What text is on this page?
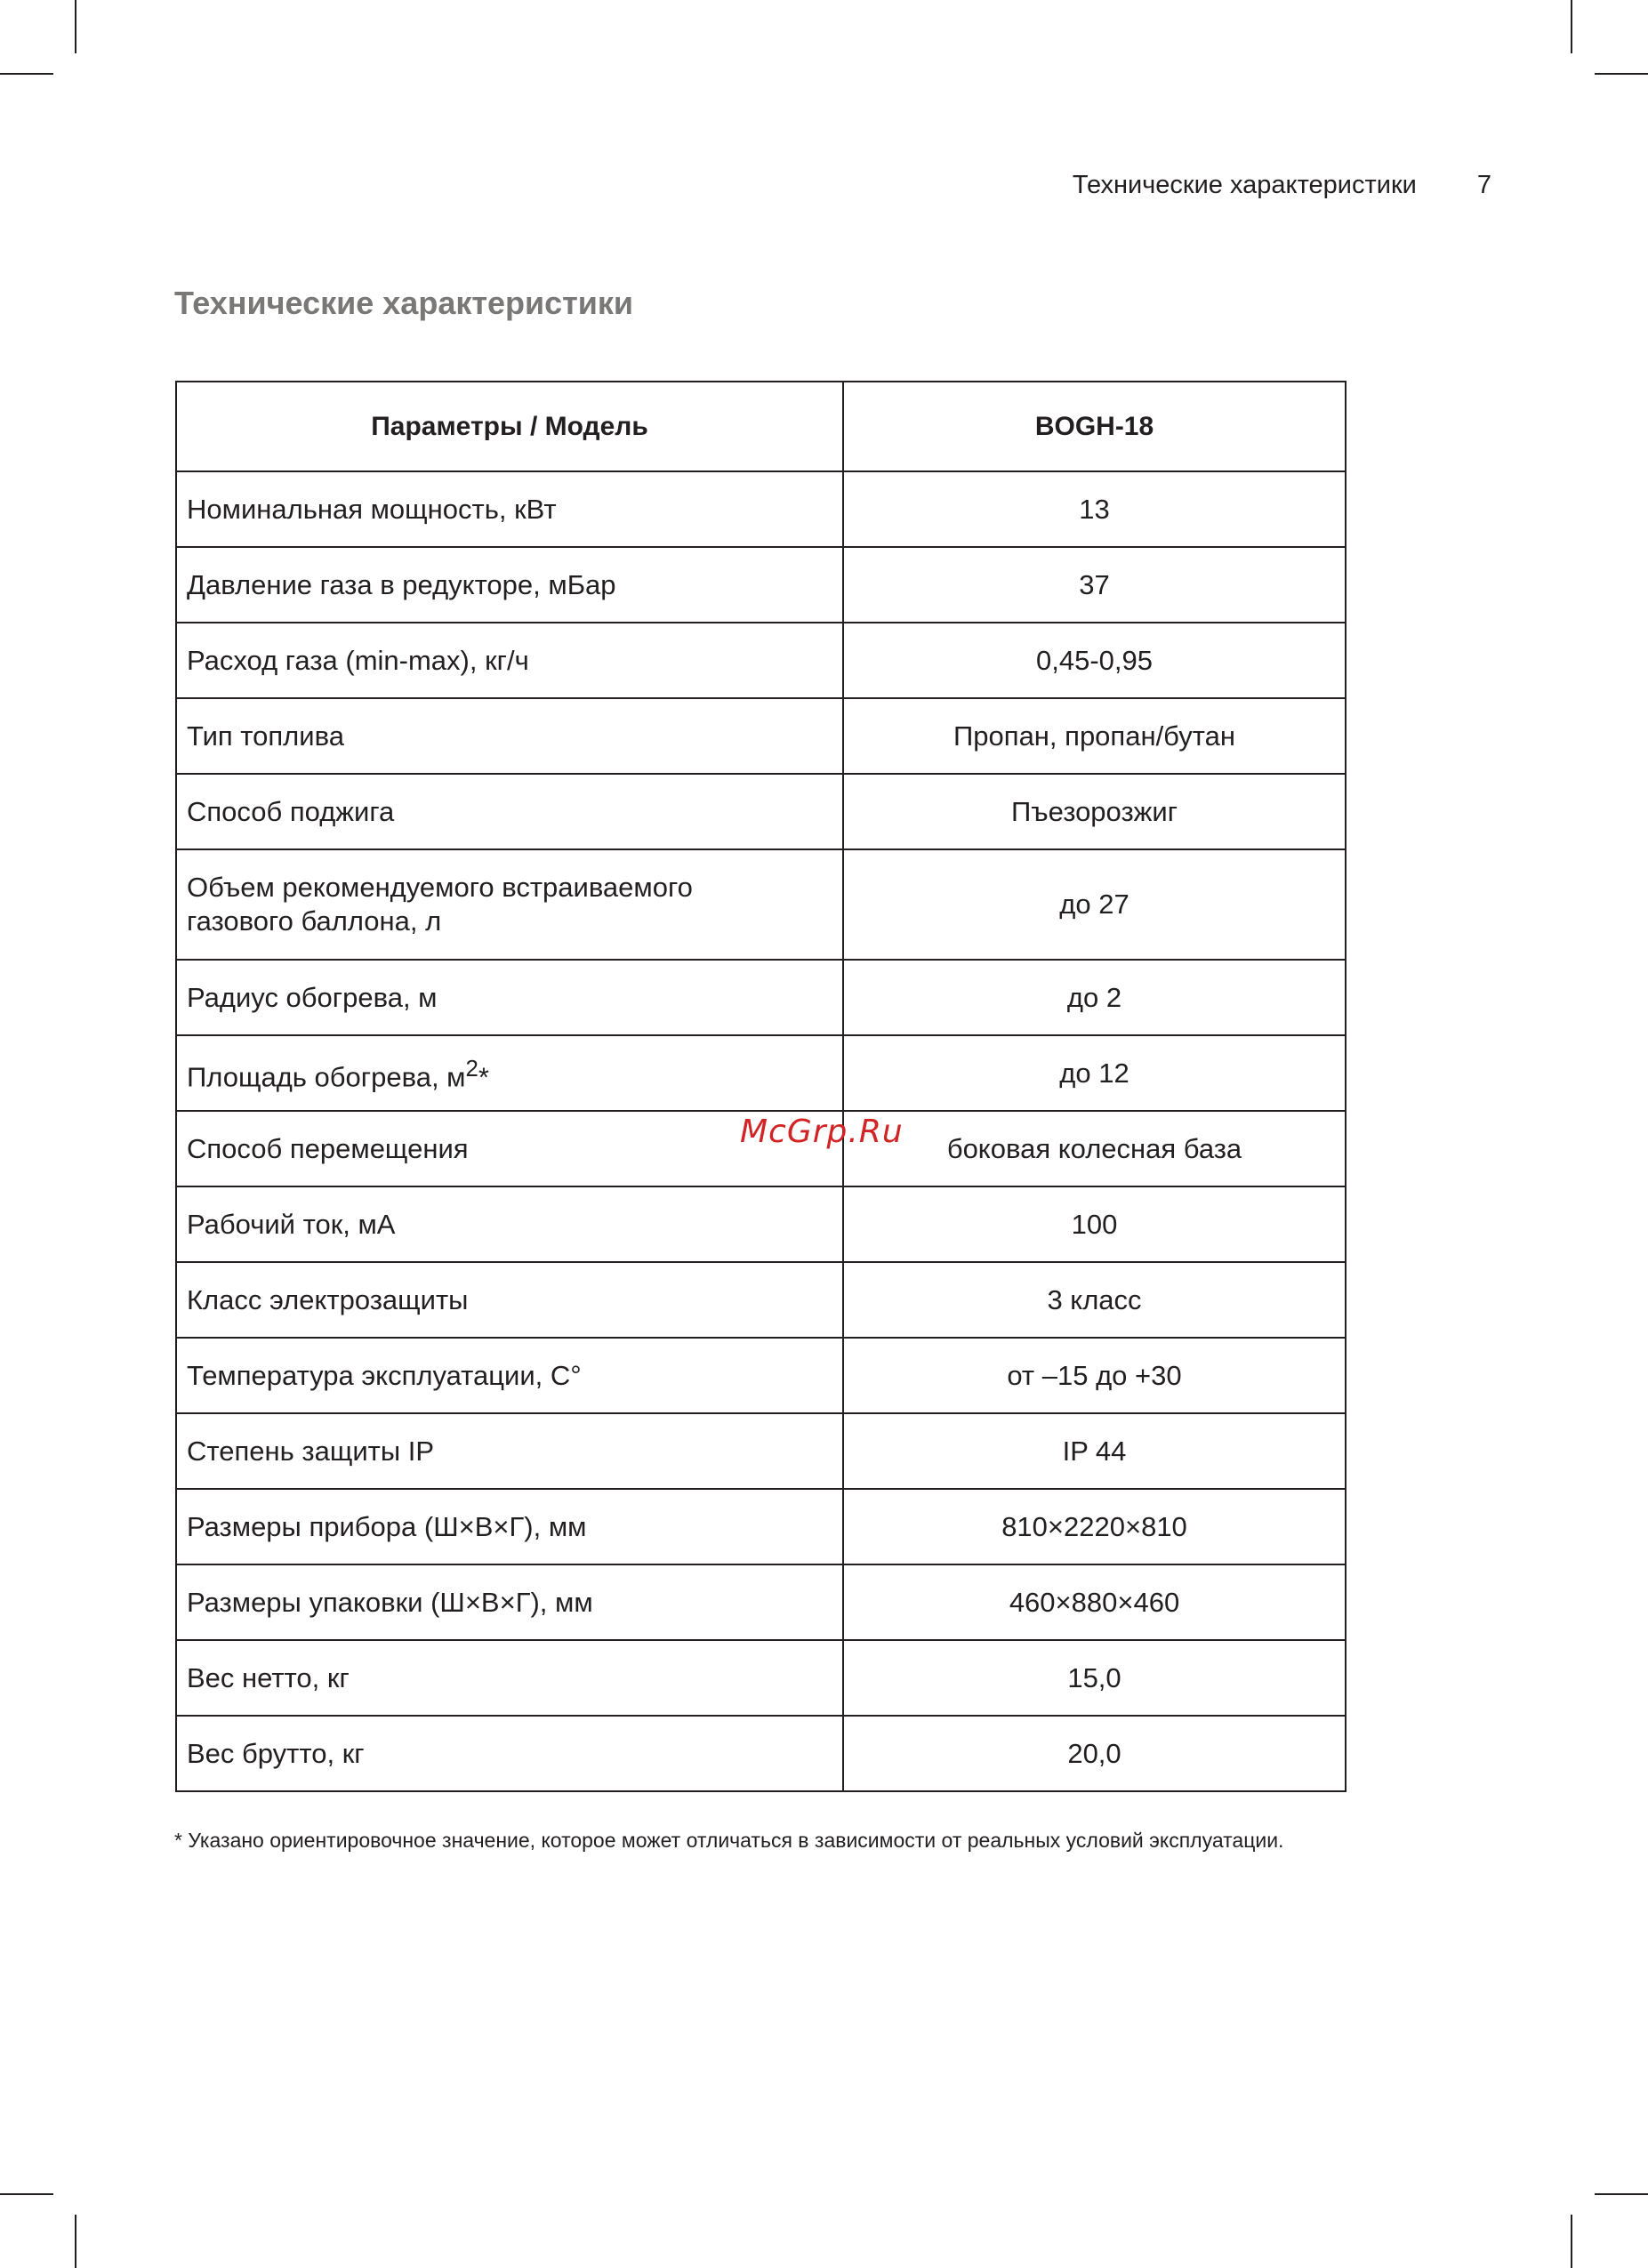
Технические характеристики 7
Технические характеристики
Параметры / Модель	BOGH-18
Номинальная мощность, кВт	13
Давление газа в редукторе, мБар	37
Расход газа (min-max), кг/ч	0,45-0,95
Тип топлива	Пропан, пропан/бутан
Способ поджига	Пъезорозжиг
Объем рекомендуемого встраиваемого
газового баллона, л	до 27
Радиус обогрева, м	до 2
Площадь обогрева, $м^2*$	до 12
Способ перемещения	боковая колесная база
Рабочий ток, мА	100
Класс электрозащиты	3 класс
Температура эксплуатации, С°	от –15 до +30
Степень защиты IP	IP 44
Размеры прибора (Ш×В×Г), мм	810×2220×810
Размеры упаковки (Ш×В×Г), мм	460×880×460
Вес нетто, кг	15,0
Вес брутто, кг	20,0

* Указано ориентировочное значение, которое может отличаться в зависимости от реальных условий эксплуатации.

McGrp.Ru
